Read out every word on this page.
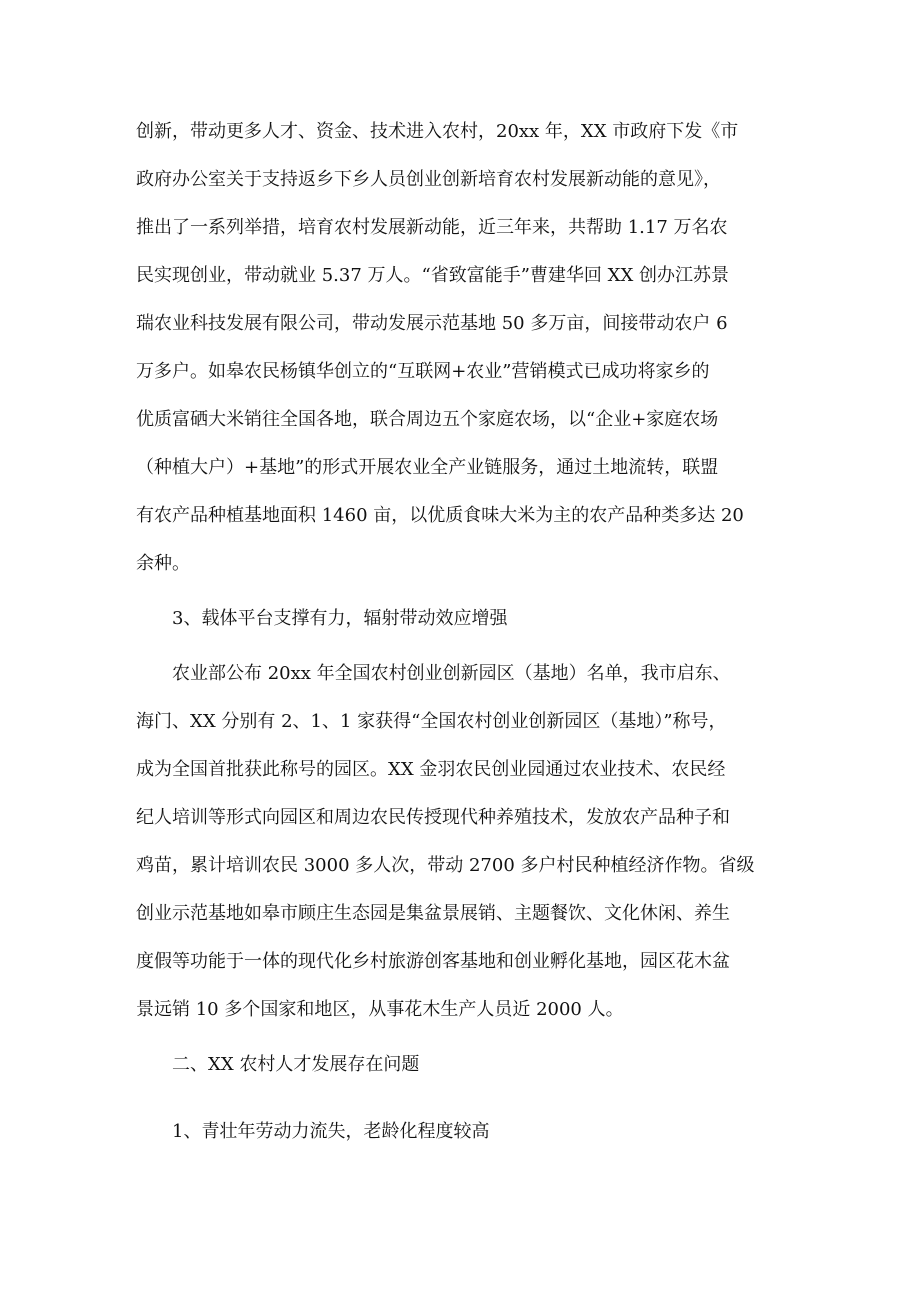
创新，带动更多人才、资金、技术进入农村，20xx 年，XX 市政府下发《市
政府办公室关于支持返乡下乡人员创业创新培育农村发展新动能的意见》，
推出了一系列举措，培育农村发展新动能，近三年来，共帮助 1.17 万名农
民实现创业，带动就业 5.37 万人。“省致富能手”曹建华回 XX 创办江苏景
瑞农业科技发展有限公司，带动发展示范基地 50 多万亩，间接带动农户 6
万多户。如皋农民杨镇华创立的“互联网+农业”营销模式已成功将家乡的
优质富硒大米销往全国各地，联合周边五个家庭农场，以“企业+家庭农场
（种植大户）+基地”的形式开展农业全产业链服务，通过土地流转，联盟
有农产品种植基地面积 1460 亩，以优质食味大米为主的农产品种类多达 20
余种。
3、载体平台支撑有力，辐射带动效应增强
农业部公布 20xx 年全国农村创业创新园区（基地）名单，我市启东、
海门、XX 分别有 2、1、1 家获得“全国农村创业创新园区（基地）”称号，
成为全国首批获此称号的园区。XX 金羽农民创业园通过农业技术、农民经
纪人培训等形式向园区和周边农民传授现代种养殖技术，发放农产品种子和
鸡苗，累计培训农民 3000 多人次，带动 2700 多户村民种植经济作物。省级
创业示范基地如皋市顾庄生态园是集盆景展销、主题餐饮、文化休闲、养生
度假等功能于一体的现代化乡村旅游创客基地和创业孵化基地，园区花木盆
景远销 10 多个国家和地区，从事花木生产人员近 2000 人。
二、XX 农村人才发展存在问题
1、青壮年劳动力流失，老龄化程度较高
